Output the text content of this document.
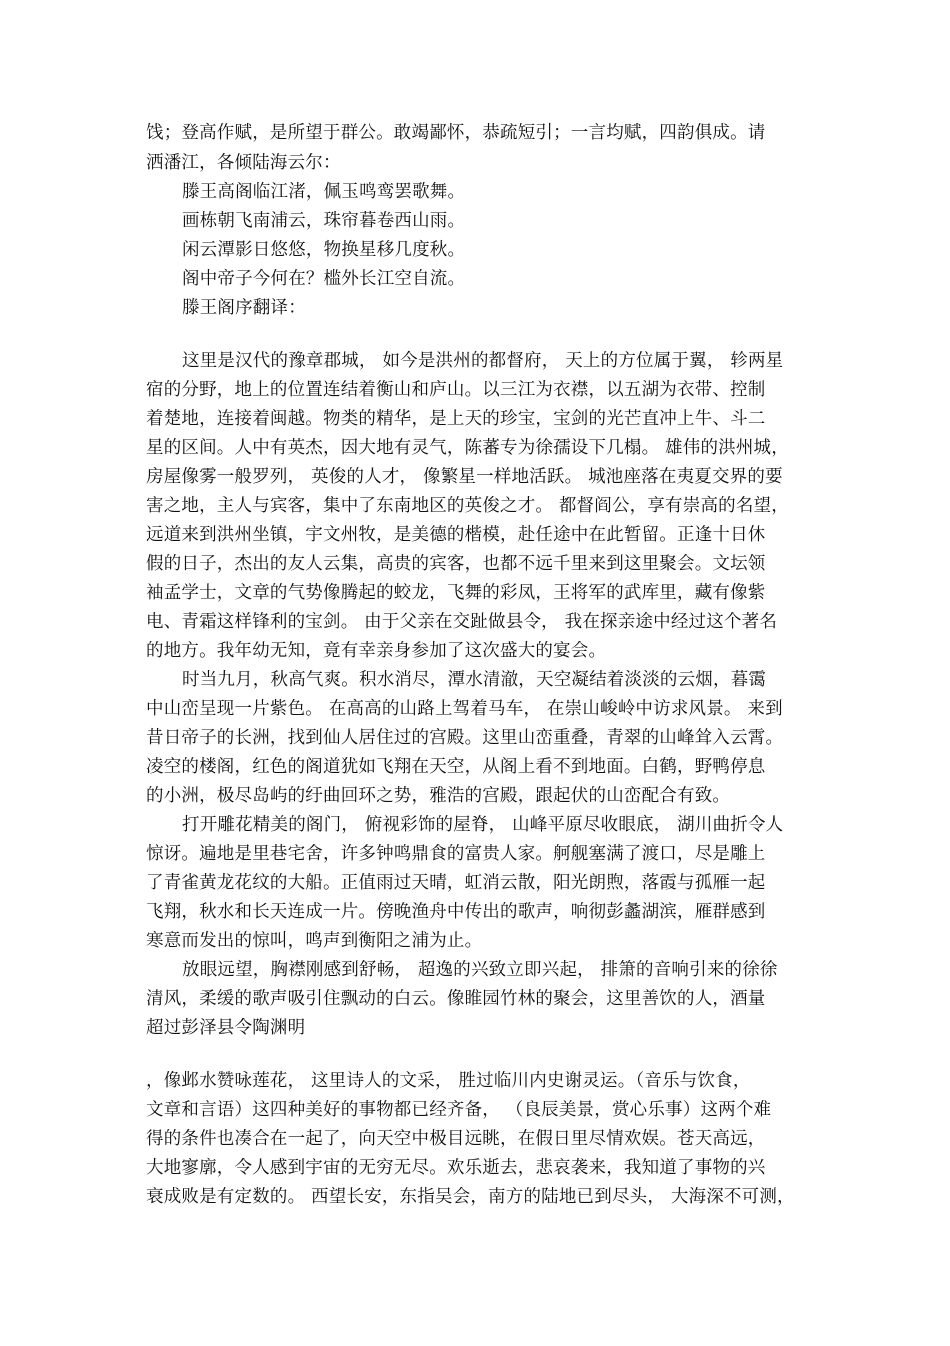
饯；登高作赋，是所望于群公。敢竭鄙怀，恭疏短引；一言均赋，四韵俱成。请
洒潘江，各倾陆海云尔：
滕王高阁临江渚，佩玉鸣鸾罢歌舞。
画栋朝飞南浦云，珠帘暮卷西山雨。
闲云潭影日悠悠，物换星移几度秋。
阁中帝子今何在？槛外长江空自流。
滕王阁序翻译：
这里是汉代的豫章郡城， 如今是洪州的都督府， 天上的方位属于翼， 轸两星
宿的分野，地上的位置连结着衡山和庐山。以三江为衣襟，以五湖为衣带、控制
着楚地，连接着闽越。物类的精华，是上天的珍宝，宝剑的光芒直冲上牛、斗二
星的区间。人中有英杰，因大地有灵气，陈蕃专为徐孺设下几榻。 雄伟的洪州城，
房屋像雾一般罗列， 英俊的人才， 像繁星一样地活跃。 城池座落在夷夏交界的要
害之地，主人与宾客，集中了东南地区的英俊之才。 都督阎公，享有崇高的名望，
远道来到洪州坐镇，宇文州牧，是美德的楷模，赴任途中在此暂留。正逢十日休
假的日子，杰出的友人云集，高贵的宾客，也都不远千里来到这里聚会。文坛领
袖孟学士，文章的气势像腾起的蛟龙，飞舞的彩凤，王将军的武库里，藏有像紫
电、青霜这样锋利的宝剑。 由于父亲在交趾做县令， 我在探亲途中经过这个著名
的地方。我年幼无知，竟有幸亲身参加了这次盛大的宴会。
时当九月，秋高气爽。积水消尽，潭水清澈，天空凝结着淡淡的云烟，暮霭
中山峦呈现一片紫色。 在高高的山路上驾着马车， 在崇山峻岭中访求风景。 来到
昔日帝子的长洲，找到仙人居住过的宫殿。这里山峦重叠，青翠的山峰耸入云霄。
凌空的楼阁，红色的阁道犹如飞翔在天空，从阁上看不到地面。白鹤，野鸭停息
的小洲，极尽岛屿的纡曲回环之势，雅浩的宫殿，跟起伏的山峦配合有致。
打开雕花精美的阁门， 俯视彩饰的屋脊， 山峰平原尽收眼底， 湖川曲折令人
惊讶。遍地是里巷宅舍，许多钟鸣鼎食的富贵人家。舸舰塞满了渡口，尽是雕上
了青雀黄龙花纹的大船。正值雨过天晴，虹消云散，阳光朗煦，落霞与孤雁一起
飞翔，秋水和长天连成一片。傍晚渔舟中传出的歌声，响彻彭蠡湖滨，雁群感到
寒意而发出的惊叫，鸣声到衡阳之浦为止。
放眼远望，胸襟刚感到舒畅， 超逸的兴致立即兴起， 排箫的音响引来的徐徐
清风，柔缓的歌声吸引住飘动的白云。像睢园竹林的聚会，这里善饮的人，酒量
超过彭泽县令陶渊明
，像邺水赞咏莲花， 这里诗人的文采， 胜过临川内史谢灵运。（音乐与饮食，
文章和言语）这四种美好的事物都已经齐备， （良辰美景，赏心乐事）这两个难
得的条件也凑合在一起了，向天空中极目远眺，在假日里尽情欢娱。苍天高远，
大地寥廓，令人感到宇宙的无穷无尽。欢乐逝去，悲哀袭来，我知道了事物的兴
衰成败是有定数的。 西望长安，东指吴会，南方的陆地已到尽头， 大海深不可测，
